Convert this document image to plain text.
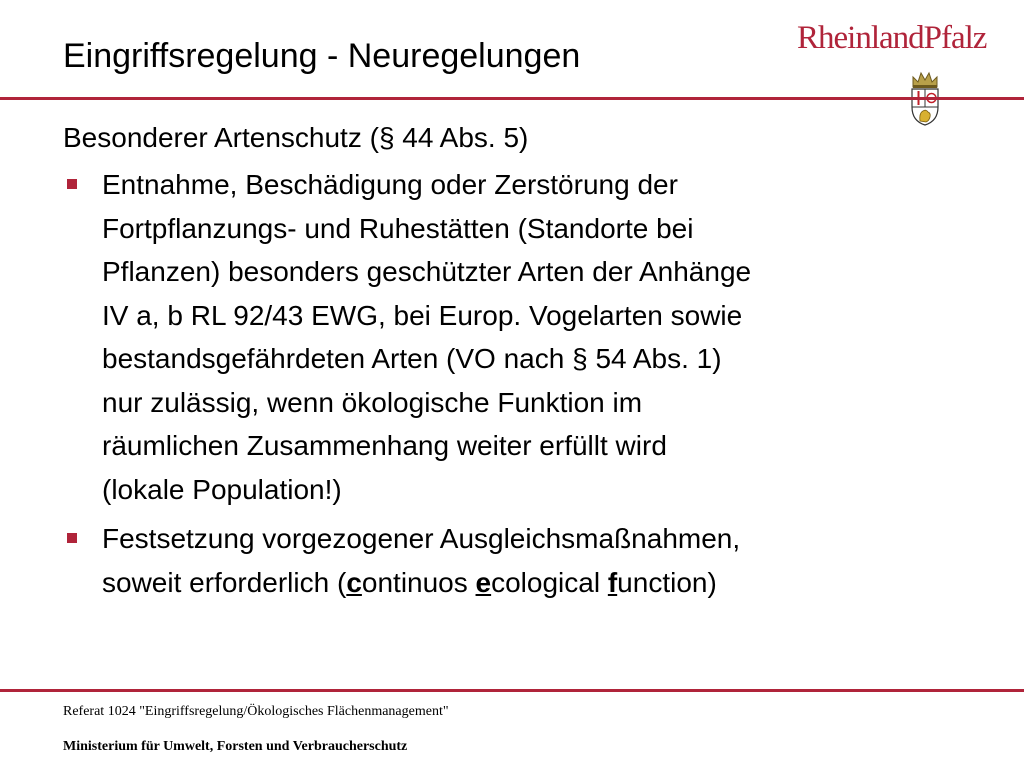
Eingriffsregelung - Neuregelungen	RheinlandPfalz

Besonderer Artenschutz (§ 44 Abs. 5)

Entnahme, Beschädigung oder Zerstörung der
Fortpflanzungs- und Ruhestätten (Standorte bei
Pflanzen) besonders geschützter Arten der Anhänge
IV a, b RL 92/43 EWG, bei Europ. Vogelarten sowie
bestandsgefährdeten Arten (VO nach § 54 Abs. 1)
nur zulässig, wenn ökologische Funktion im
räumlichen Zusammenhang weiter erfüllt wird
(lokale Population!)
Festsetzung vorgezogener Ausgleichsmaßnahmen,
soweit erforderlich (continuos ecological function)
Referat 1024 "Eingriffsregelung/Ökologisches Flächenmanagement"
Ministerium für Umwelt, Forsten und Verbraucherschutz
